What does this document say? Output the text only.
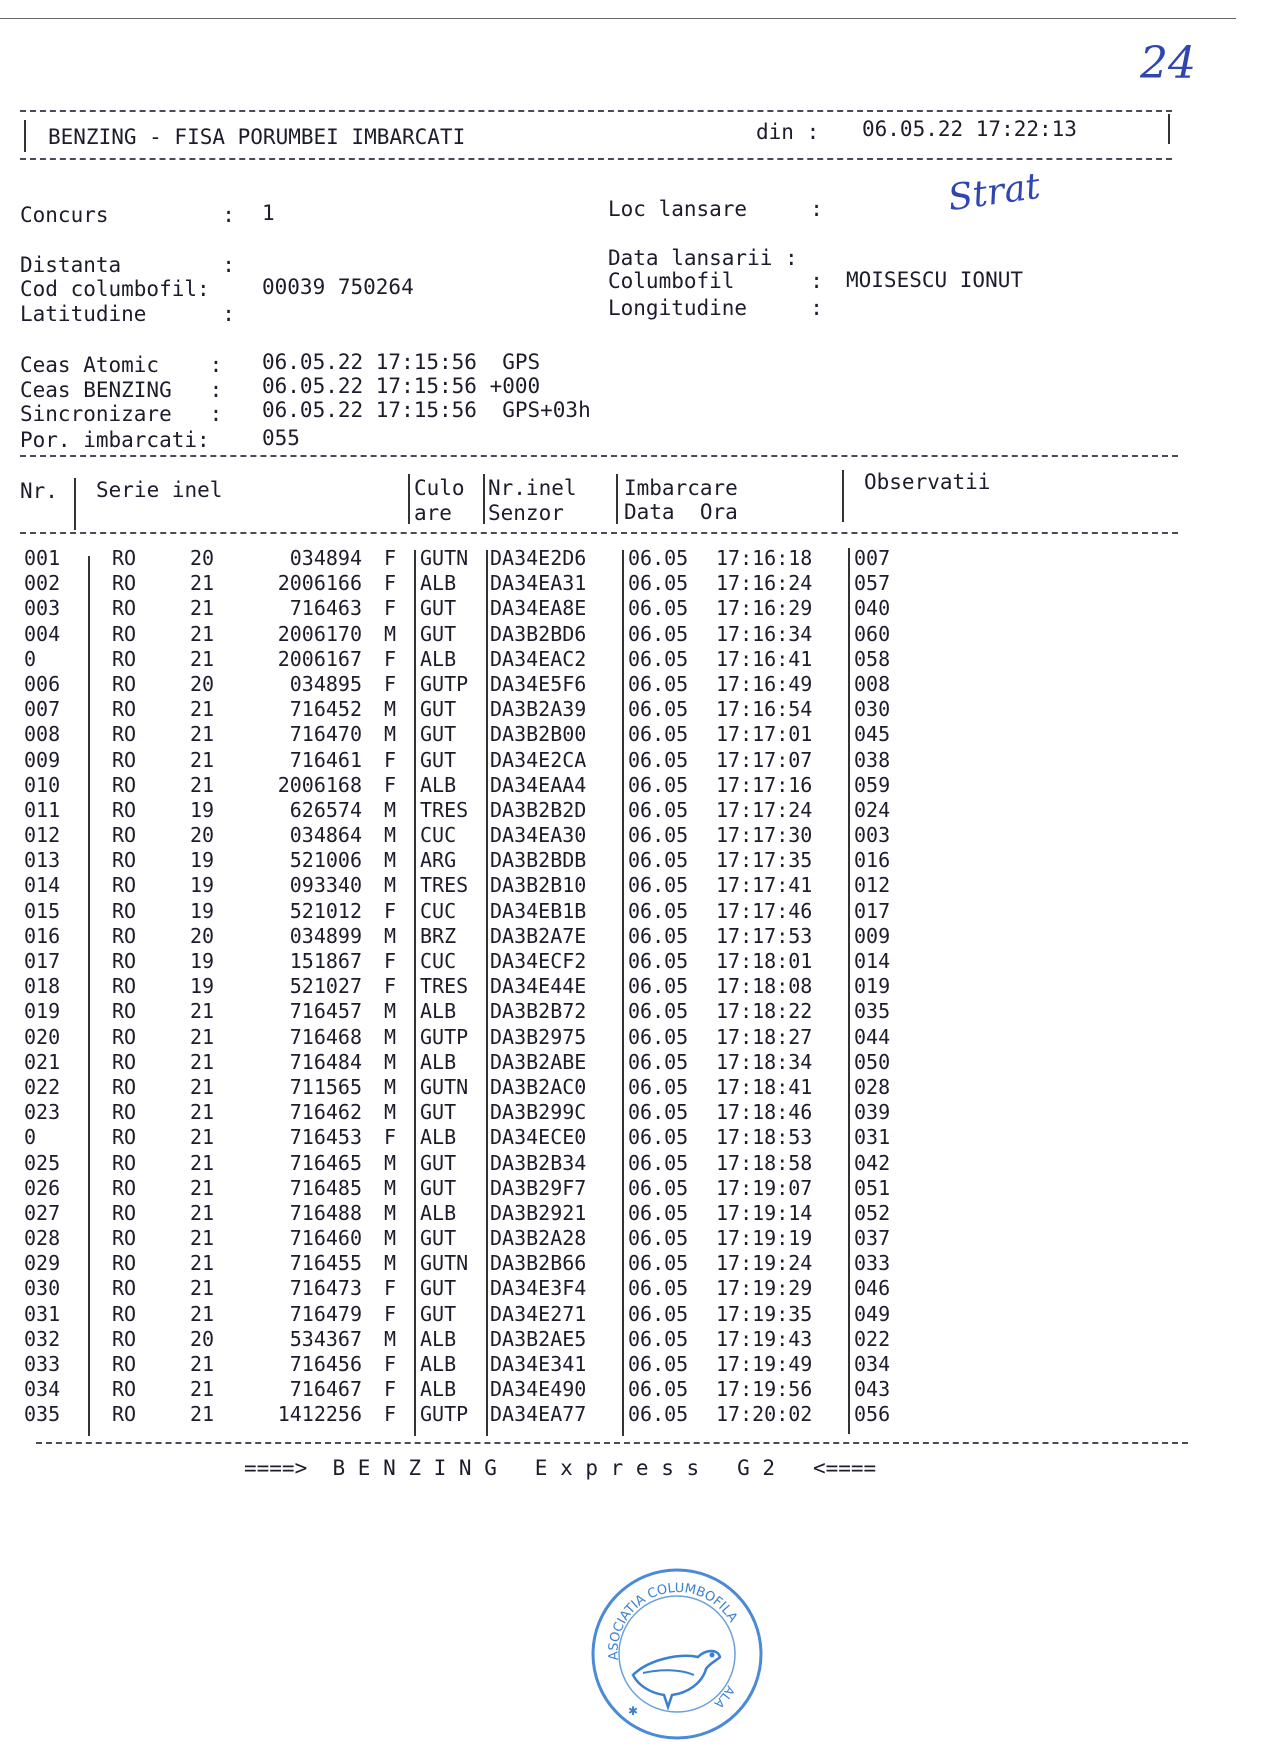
24
BENZING - FISA PORUMBEI IMBARCATI	din : 06.05.22 17:22:13
Concurs         : 1	Loc lansare     :	Strat
Distanta        :	Data lansarii :
Cod columbofil: 00039 750264	Columbofil      : MOISESCU IONUT
Latitudine      :	Longitudine     :
Ceas Atomic    : 06.05.22 17:15:56  GPS
Ceas BENZING   : 06.05.22 17:15:56 +000
Sincronizare   : 06.05.22 17:15:56  GPS+03h
Por. imbarcati: 055
Nr. Serie inel	Culo
are
Nr.inel
Senzor
Imbarcare
Data  Ora
Observatii
001	RO	20	034894 F GUTN DA34E2D6 06.05 17:16:18 007
002	RO	21	2006166 F ALB DA34EA31 06.05 17:16:24 057
003	RO	21	716463 F GUT DA34EA8E 06.05 17:16:29 040
004	RO	21	2006170 M GUT DA3B2BD6 06.05 17:16:34 060
0	RO	21	2006167 F ALB DA34EAC2 06.05 17:16:41 058
006	RO	20	034895 F GUTP DA34E5F6 06.05 17:16:49 008
007	RO	21	716452 M GUT DA3B2A39 06.05 17:16:54 030
008	RO	21	716470 M GUT DA3B2B00 06.05 17:17:01 045
009	RO	21	716461 F GUT DA34E2CA 06.05 17:17:07 038
010	RO	21	2006168 F ALB DA34EAA4 06.05 17:17:16 059
011	RO	19	626574 M TRES DA3B2B2D 06.05 17:17:24 024
012	RO	20	034864 M CUC DA34EA30 06.05 17:17:30 003
013	RO	19	521006 M ARG DA3B2BDB 06.05 17:17:35 016
014	RO	19	093340 M TRES DA3B2B10 06.05 17:17:41 012
015	RO	19	521012 F CUC DA34EB1B 06.05 17:17:46 017
016	RO	20	034899 M BRZ DA3B2A7E 06.05 17:17:53 009
017	RO	19	151867 F CUC DA34ECF2 06.05 17:18:01 014
018	RO	19	521027 F TRES DA34E44E 06.05 17:18:08 019
019	RO	21	716457 M ALB DA3B2B72 06.05 17:18:22 035
020	RO	21	716468 M GUTP DA3B2975 06.05 17:18:27 044
021	RO	21	716484 M ALB DA3B2ABE 06.05 17:18:34 050
022	RO	21	711565 M GUTN DA3B2AC0 06.05 17:18:41 028
023	RO	21	716462 M GUT DA3B299C 06.05 17:18:46 039
0	RO	21	716453 F ALB DA34ECE0 06.05 17:18:53 031
025	RO	21	716465 M GUT DA3B2B34 06.05 17:18:58 042
026	RO	21	716485 M GUT DA3B29F7 06.05 17:19:07 051
027	RO	21	716488 M ALB DA3B2921 06.05 17:19:14 052
028	RO	21	716460 M GUT DA3B2A28 06.05 17:19:19 037
029	RO	21	716455 M GUTN DA3B2B66 06.05 17:19:24 033
030	RO	21	716473 F GUT DA34E3F4 06.05 17:19:29 046
031	RO	21	716479 F GUT DA34E271 06.05 17:19:35 049
032	RO	20	534367 M ALB DA3B2AE5 06.05 17:19:43 022
033	RO	21	716456 F ALB DA34E341 06.05 17:19:49 034
034	RO	21	716467 F ALB DA34E490 06.05 17:19:56 043
035	RO	21	1412256 F GUTP DA34EA77 06.05 17:20:02 056
====>  B E N Z I N G   E x p r e s s   G 2   <====
ASOCIATIA COLUMBOFILA
ALA
✱
